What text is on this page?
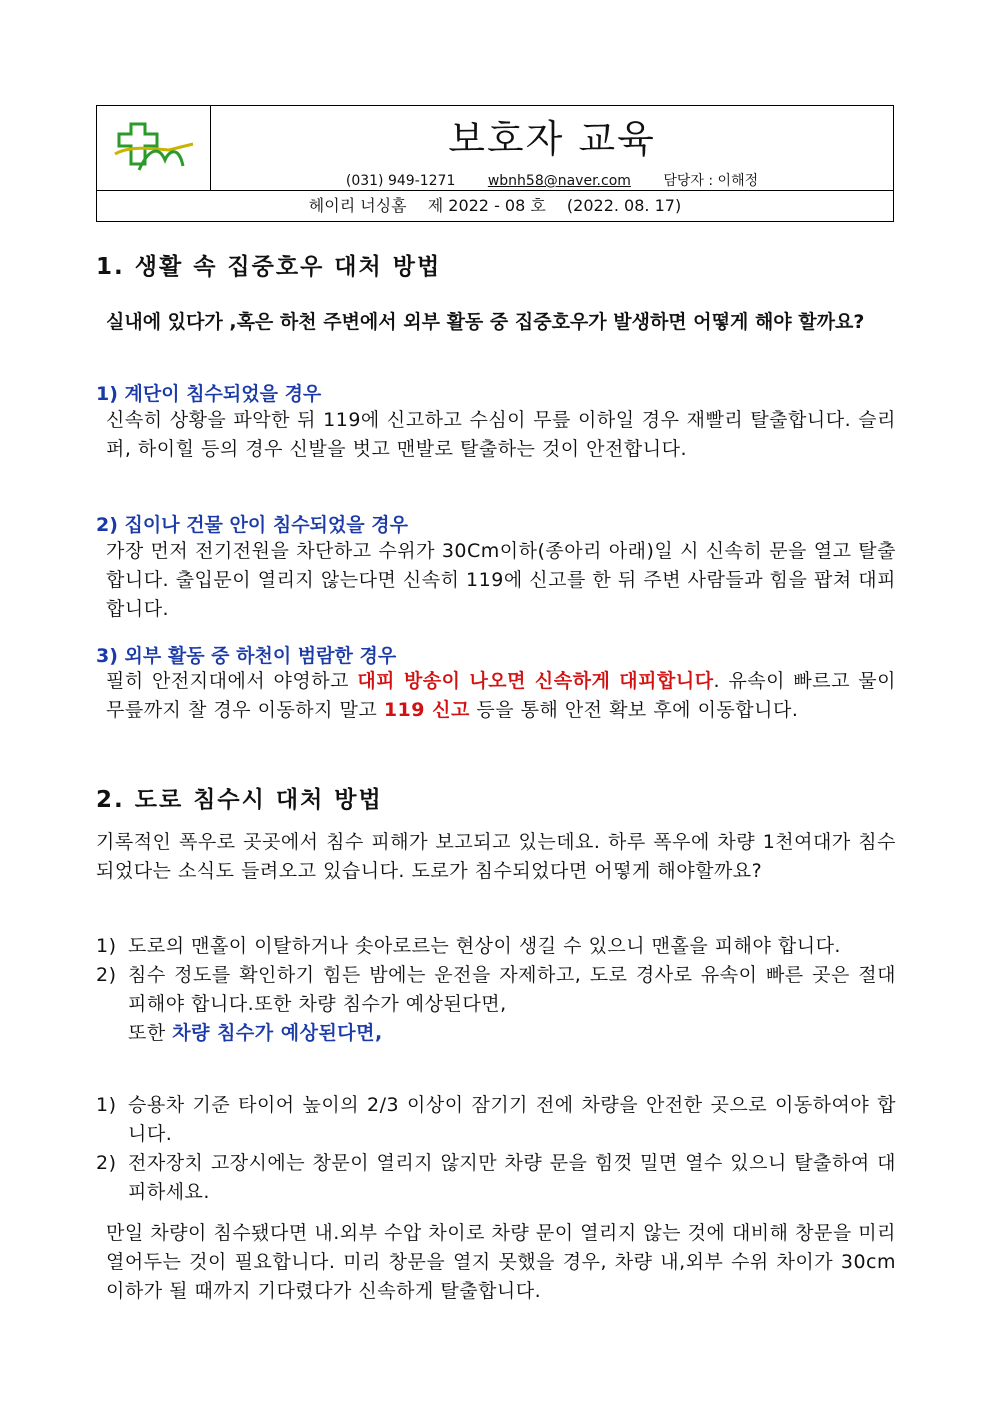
보호자 교육
(031) 949-1271 wbnh58@naver.com 담당자 : 이해정
헤이리 너싱홈 제 2022 - 08 호 (2022. 08. 17)
1. 생활 속 집중호우 대처 방법
실내에 있다가 ,혹은 하천 주변에서 외부 활동 중 집중호우가 발생하면 어떻게 해야 할까요?
1) 계단이 침수되었을 경우
신속히 상황을 파악한 뒤 119에 신고하고 수심이 무릎 이하일 경우 재빨리 탈출합니다. 슬리퍼, 하이힐 등의 경우 신발을 벗고 맨발로 탈출하는 것이 안전합니다.
2) 집이나 건물 안이 침수되었을 경우
가장 먼저 전기전원을 차단하고 수위가 30Cm이하(종아리 아래)일 시 신속히 문을 열고 탈출합니다. 출입문이 열리지 않는다면 신속히 119에 신고를 한 뒤 주변 사람들과 힘을 팝쳐 대피합니다.
3) 외부 활동 중 하천이 범람한 경우
필히 안전지대에서 야영하고 대피 방송이 나오면 신속하게 대피합니다. 유속이 빠르고 물이 무릎까지 찰 경우 이동하지 말고 119 신고 등을 통해 안전 확보 후에 이동합니다.
2. 도로 침수시 대처 방법
기록적인 폭우로 곳곳에서 침수 피해가 보고되고 있는데요. 하루 폭우에 차량 1천여대가 침수되었다는 소식도 들려오고 있습니다. 도로가 침수되었다면 어떻게 해야할까요?
1) 도로의 맨홀이 이탈하거나 솟아로르는 현상이 생길 수 있으니 맨홀을 피해야 합니다.
2) 침수 정도를 확인하기 힘든 밤에는 운전을 자제하고, 도로 경사로 유속이 빠른 곳은 절대 피해야 합니다.또한 차량 침수가 예상된다면,
또한 차량 침수가 예상된다면,
1) 승용차 기준 타이어 높이의 2/3 이상이 잠기기 전에 차량을 안전한 곳으로 이동하여야 합니다.
2) 전자장치 고장시에는 창문이 열리지 않지만 차량 문을 힘껏 밀면 열수 있으니 탈출하여 대피하세요.
만일 차량이 침수됐다면 내.외부 수압 차이로 차량 문이 열리지 않는 것에 대비해 창문을 미리 열어두는 것이 필요합니다. 미리 창문을 열지 못했을 경우, 차량 내,외부 수위 차이가 30cm 이하가 될 때까지 기다렸다가 신속하게 탈출합니다.
